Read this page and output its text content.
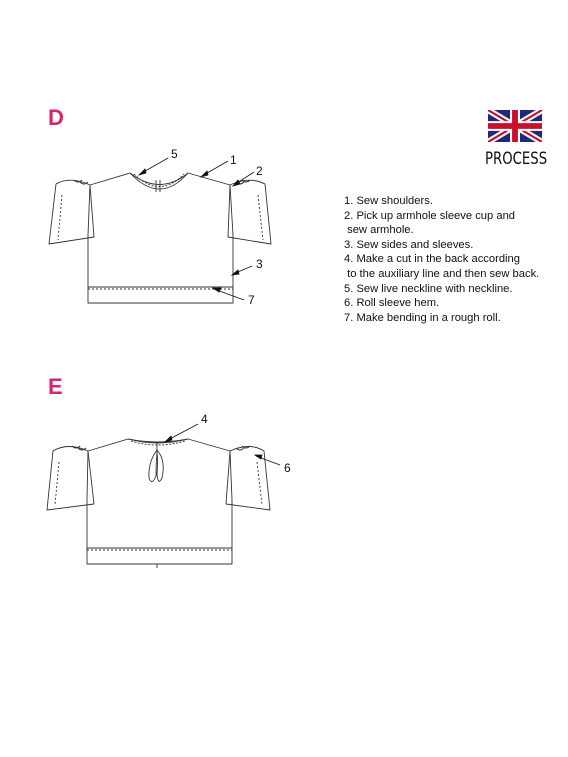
D
E
PROCESS
1. Sew shoulders.
2. Pick up armhole sleeve cup and
sew armhole.
3. Sew sides and sleeves.
4. Make a cut in the back according
to the auxiliary line and then sew back.
5. Sew live neckline with neckline.
6. Roll sleeve hem.
7. Make bending in a rough roll.
5	1
2
3
7
4
6
